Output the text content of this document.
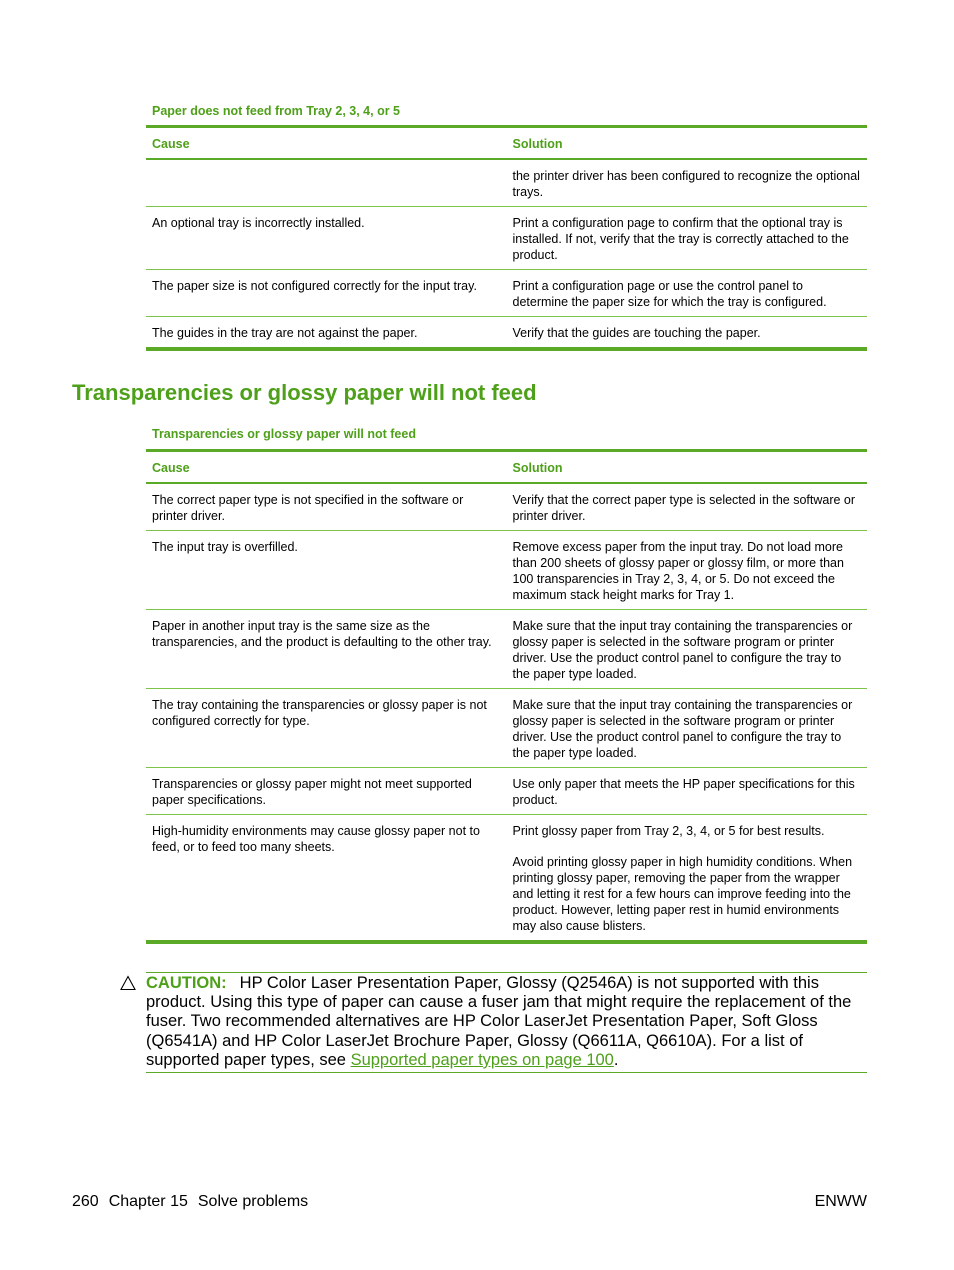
Paper does not feed from Tray 2, 3, 4, or 5
Cause	Solution
	the printer driver has been configured to recognize the optional trays.
An optional tray is incorrectly installed.	Print a configuration page to confirm that the optional tray is installed. If not, verify that the tray is correctly attached to the product.
The paper size is not configured correctly for the input tray.	Print a configuration page or use the control panel to determine the paper size for which the tray is configured.
The guides in the tray are not against the paper.	Verify that the guides are touching the paper.
Transparencies or glossy paper will not feed
Transparencies or glossy paper will not feed
Cause	Solution
The correct paper type is not specified in the software or printer driver.	Verify that the correct paper type is selected in the software or printer driver.
The input tray is overfilled.	Remove excess paper from the input tray. Do not load more than 200 sheets of glossy paper or glossy film, or more than 100 transparencies in Tray 2, 3, 4, or 5. Do not exceed the maximum stack height marks for Tray 1.
Paper in another input tray is the same size as the transparencies, and the product is defaulting to the other tray.	Make sure that the input tray containing the transparencies or glossy paper is selected in the software program or printer driver. Use the product control panel to configure the tray to the paper type loaded.
The tray containing the transparencies or glossy paper is not configured correctly for type.	Make sure that the input tray containing the transparencies or glossy paper is selected in the software program or printer driver. Use the product control panel to configure the tray to the paper type loaded.
Transparencies or glossy paper might not meet supported paper specifications.	Use only paper that meets the HP paper specifications for this product.
High-humidity environments may cause glossy paper not to feed, or to feed too many sheets.	Print glossy paper from Tray 2, 3, 4, or 5 for best results.
Avoid printing glossy paper in high humidity conditions. When printing glossy paper, removing the paper from the wrapper and letting it rest for a few hours can improve feeding into the product. However, letting paper rest in humid environments may also cause blisters.
CAUTION: HP Color Laser Presentation Paper, Glossy (Q2546A) is not supported with this product. Using this type of paper can cause a fuser jam that might require the replacement of the fuser. Two recommended alternatives are HP Color LaserJet Presentation Paper, Soft Gloss (Q6541A) and HP Color LaserJet Brochure Paper, Glossy (Q6611A, Q6610A). For a list of supported paper types, see Supported paper types on page 100.
260 Chapter 15 Solve problems	ENWW
